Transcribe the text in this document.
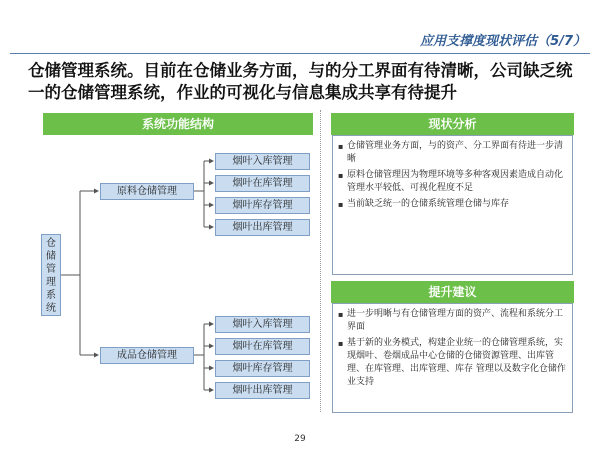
应用支撑度现状评估（5/7）
仓储管理系统。目前在仓储业务方面，与的分工界面有待清晰，公司缺乏统一的仓储管理系统，作业的可视化与信息集成共享有待提升
系统功能结构
仓储管理系统
原料仓储管理
烟叶入库管理
烟叶在库管理
烟叶库存管理
烟叶出库管理
成品仓储管理
烟叶入库管理
烟叶在库管理
烟叶库存管理
烟叶出库管理
现状分析
▪ 仓储管理业务方面，与的资产、分工界面有待进一步清晰
▪ 原料仓储管理因为物理环境等多种客观因素造成自动化管理水平较低、可视化程度不足
▪ 当前缺乏统一的仓储系统管理仓储与库存
提升建议
▪ 进一步明晰与有仓储管理方面的资产、流程和系统分工界面
▪ 基于新的业务模式，构建企业统一的仓储管理系统，实现烟叶、卷烟成品中心仓储的仓储资源管理、出库管理、在库管理、出库管理、库存 管理以及数字化仓储作业支持
29
